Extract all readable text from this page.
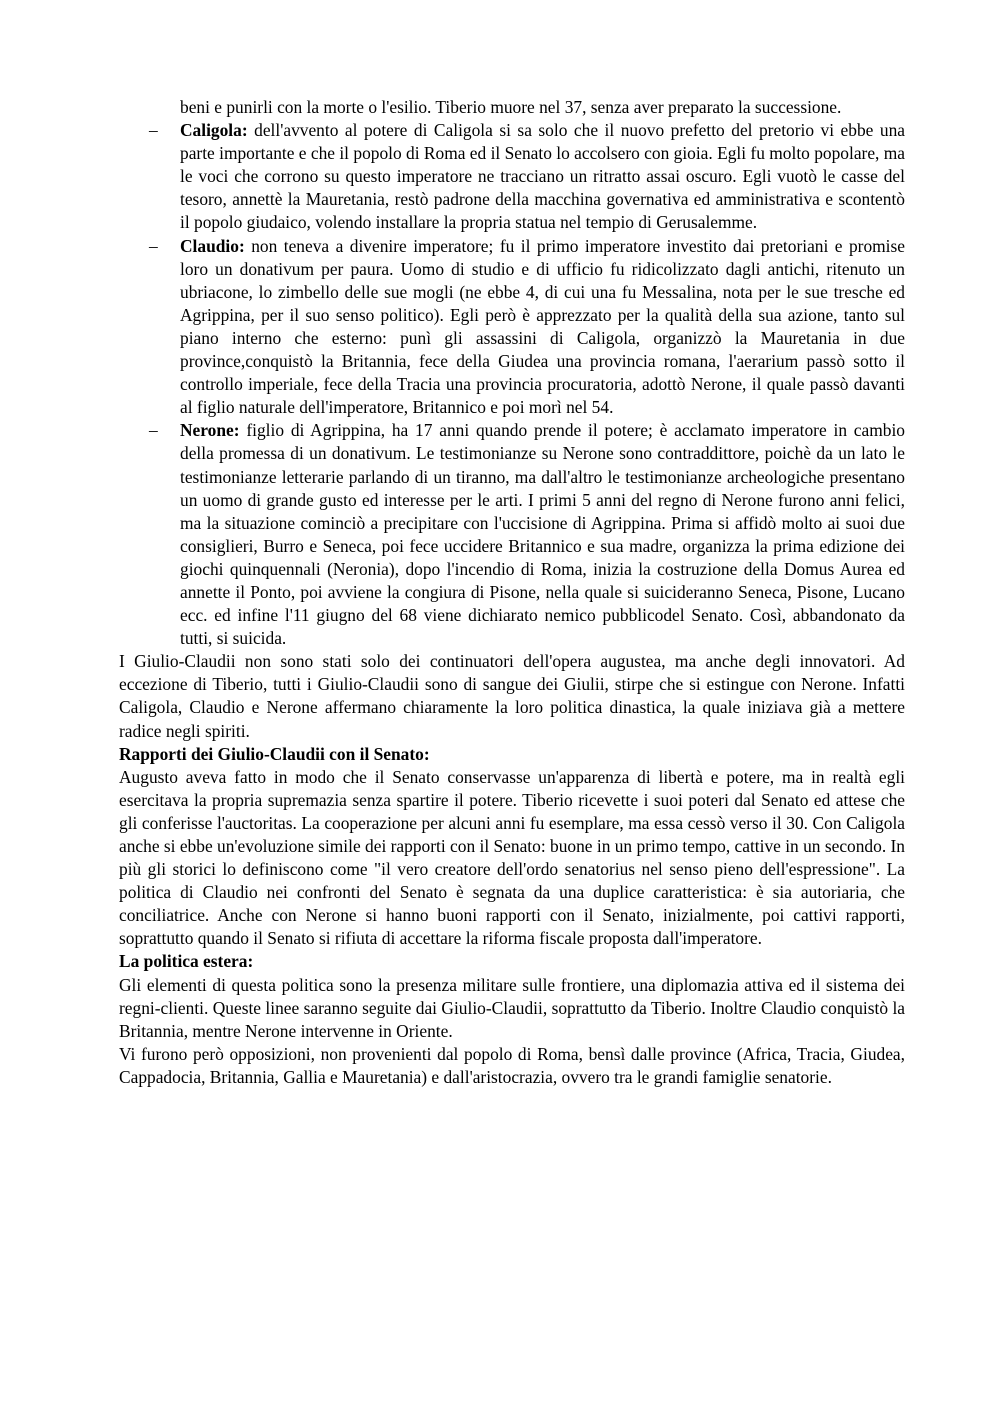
beni e punirli con la morte o l'esilio. Tiberio muore nel 37, senza aver preparato la successione.

– Caligola: dell'avvento al potere di Caligola si sa solo che il nuovo prefetto del pretorio vi ebbe una parte importante e che il popolo di Roma ed il Senato lo accolsero con gioia. Egli fu molto popolare, ma le voci che corrono su questo imperatore ne tracciano un ritratto assai oscuro. Egli vuotò le casse del tesoro, annettè la Mauretania, restò padrone della macchina governativa ed amministrativa e scontentò il popolo giudaico, volendo installare la propria statua nel tempio di Gerusalemme.
– Claudio: non teneva a divenire imperatore; fu il primo imperatore investito dai pretoriani e promise loro un donativum per paura. Uomo di studio e di ufficio fu ridicolizzato dagli antichi, ritenuto un ubriacone, lo zimbello delle sue mogli (ne ebbe 4, di cui una fu Messalina, nota per le sue tresche ed Agrippina, per il suo senso politico). Egli però è apprezzato per la qualità della sua azione, tanto sul piano interno che esterno: punì gli assassini di Caligola, organizzò la Mauretania in due province,conquistò la Britannia, fece della Giudea una provincia romana, l'aerarium passò sotto il controllo imperiale, fece della Tracia una provincia procuratoria, adottò Nerone, il quale passò davanti al figlio naturale dell'imperatore, Britannico e poi morì nel 54.
– Nerone: figlio di Agrippina, ha 17 anni quando prende il potere; è acclamato imperatore in cambio della promessa di un donativum. Le testimonianze su Nerone sono contraddittore, poichè da un lato le testimonianze letterarie parlando di un tiranno, ma dall'altro le testimonianze archeologiche presentano un uomo di grande gusto ed interesse per le arti. I primi 5 anni del regno di Nerone furono anni felici, ma la situazione cominciò a precipitare con l'uccisione di Agrippina. Prima si affidò molto ai suoi due consiglieri, Burro e Seneca, poi fece uccidere Britannico e sua madre, organizza la prima edizione dei giochi quinquennali (Neronia), dopo l'incendio di Roma, inizia la costruzione della Domus Aurea ed annette il Ponto, poi avviene la congiura di Pisone, nella quale si suicideranno Seneca, Pisone, Lucano ecc. ed infine l'11 giugno del 68 viene dichiarato nemico pubblicodel Senato. Così, abbandonato da tutti, si suicida.

I Giulio-Claudii non sono stati solo dei continuatori dell'opera augustea, ma anche degli innovatori. Ad eccezione di Tiberio, tutti i Giulio-Claudii sono di sangue dei Giulii, stirpe che si estingue con Nerone. Infatti Caligola, Claudio e Nerone affermano chiaramente la loro politica dinastica, la quale iniziava già a mettere radice negli spiriti.

Rapporti dei Giulio-Claudii con il Senato:

Augusto aveva fatto in modo che il Senato conservasse un'apparenza di libertà e potere, ma in realtà egli esercitava la propria supremazia senza spartire il potere. Tiberio ricevette i suoi poteri dal Senato ed attese che gli conferisse l'auctoritas. La cooperazione per alcuni anni fu esemplare, ma essa cessò verso il 30. Con Caligola anche si ebbe un'evoluzione simile dei rapporti con il Senato: buone in un primo tempo, cattive in un secondo. In più gli storici lo definiscono come "il vero creatore dell'ordo senatorius nel senso pieno dell'espressione". La politica di Claudio nei confronti del Senato è segnata da una duplice caratteristica: è sia autoriaria, che conciliatrice. Anche con Nerone si hanno buoni rapporti con il Senato, inizialmente, poi cattivi rapporti, soprattutto quando il Senato si rifiuta di accettare la riforma fiscale proposta dall'imperatore.

La politica estera:

Gli elementi di questa politica sono la presenza militare sulle frontiere, una diplomazia attiva ed il sistema dei regni-clienti. Queste linee saranno seguite dai Giulio-Claudii, soprattutto da Tiberio. Inoltre Claudio conquistò la Britannia, mentre Nerone intervenne in Oriente.

Vi furono però opposizioni, non provenienti dal popolo di Roma, bensì dalle province (Africa, Tracia, Giudea, Cappadocia, Britannia, Gallia e Mauretania) e dall'aristocrazia, ovvero tra le grandi famiglie senatorie.
